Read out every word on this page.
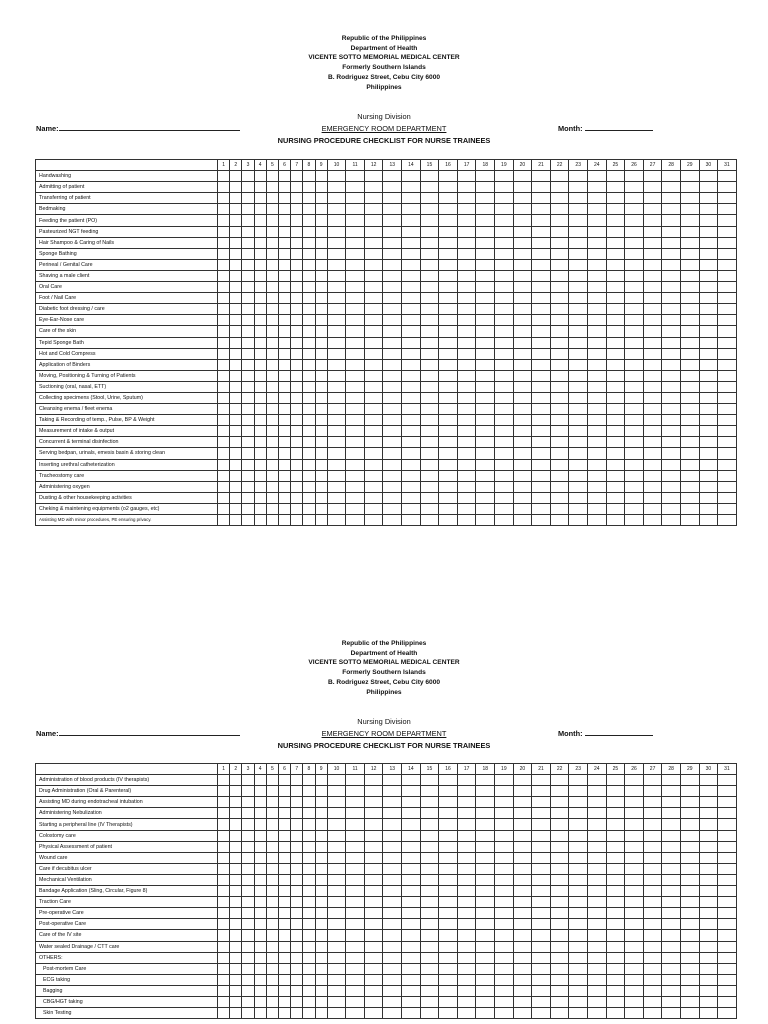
Republic of the Philippines
Department of Health
VICENTE SOTTO MEMORIAL MEDICAL CENTER
Formerly Southern Islands
B. Rodriguez Street, Cebu City 6000
Philippines
Nursing Division
Name:	EMERGENCY ROOM DEPARTMENT	Month:
NURSING PROCEDURE CHECKLIST FOR NURSE TRAINEES
	1	2	3	4	5	6	7	8	9	10	11	12	13	14	15	16	17	18	19	20	21	22	23	24	25	26	27	28	29	30	31
Handwashing																															
Admitting of patient																															
Transferring of patient																															
Bedmaking																															
Feeding the patient (PO)																															
Pasteurized NGT feeding																															
Hair Shampoo & Caring of Nails																															
Sponge Bathing																															
Perineal / Genital Care																															
Shaving a male client																															
Oral Care																															
Foot / Nail Care																															
Diabetic foot dressing / care																															
Eye-Ear-Nose care																															
Care of the skin																															
Tepid Sponge Bath																															
Hot and Cold Compress																															
Application of Binders																															
Moving, Positioning & Turning of Patients																															
Suctioning (oral, nasal, ETT)																															
Collecting specimens (Stool, Urine, Sputum)																															
Cleansing enema / fleet enema																															
Taking & Recording of temp., Pulse, BP & Weight																															
Measurement of intake & output																															
Concurrent & terminal disinfection																															
Serving bedpan, urinals, emesis basin & storing clean																															
Inserting urethral catheterization																															
Tracheostomy care																															
Administering oxygen																															
Dusting & other housekeeping activities																															
Cheking & maintening equipments (o2 gauges, etc)																															
Assisting MD with minor procedures, PE ensuring privacy.																															
Republic of the Philippines
Department of Health
VICENTE SOTTO MEMORIAL MEDICAL CENTER
Formerly Southern Islands
B. Rodriguez Street, Cebu City 6000
Philippines
Nursing Division
Name:	EMERGENCY ROOM DEPARTMENT	Month:
NURSING PROCEDURE CHECKLIST FOR NURSE TRAINEES
	1	2	3	4	5	6	7	8	9	10	11	12	13	14	15	16	17	18	19	20	21	22	23	24	25	26	27	28	29	30	31
Administration of blood products (IV therapists)																															
Drug Administration (Oral & Parenteral)																															
Assisting MD during endotracheal intubation																															
Administering Nebulization																															
Starting a peripheral line (IV Therapists)																															
Colostomy care																															
Physical Assessment of patient																															
Wound care																															
Care if decubitus ulcer																															
Mechanical Ventilation																															
Bandage Application (Sling, Circular, Figure 8)																															
Traction Care																															
Pre-operative Care																															
Post-operative Care																															
Care of the IV site																															
Water sealed Drainage / CTT care																															
OTHERS:																															
Post-mortem Care																															
ECG taking																															
Bagging																															
CBG/HGT taking																															
Skin Testing																															
